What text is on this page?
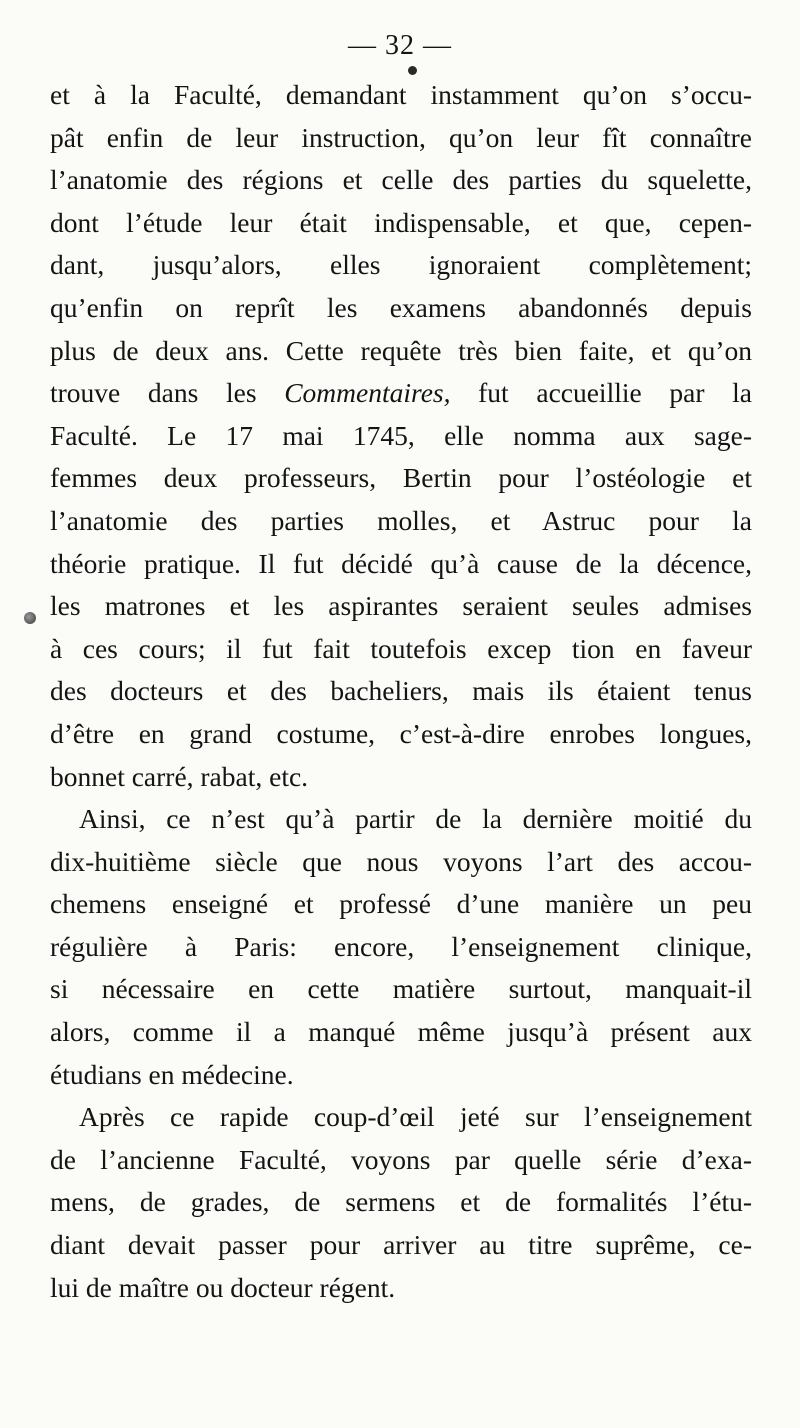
— 32 —

et à la Faculté, demandant instamment qu’on s’occu-
pât enfin de leur instruction, qu’on leur fît connaître
l’anatomie des régions et celle des parties du squelette,
dont l’étude leur était indispensable, et que, cepen-
dant, jusqu’alors, elles ignoraient complètement;
qu’enfin on reprît les examens abandonnés depuis
plus de deux ans. Cette requête très bien faite, et qu’on
trouve dans les Commentaires, fut accueillie par la
Faculté. Le 17 mai 1745, elle nomma aux sage-
femmes deux professeurs, Bertin pour l’ostéologie et
l’anatomie des parties molles, et Astruc pour la
théorie pratique. Il fut décidé qu’à cause de la décence,
les matrones et les aspirantes seraient seules admises
à ces cours; il fut fait toutefois excep tion en faveur
des docteurs et des bacheliers, mais ils étaient tenus
d’être en grand costume, c’est-à-dire enrobes longues,
bonnet carré, rabat, etc.
Ainsi, ce n’est qu’à partir de la dernière moitié du
dix-huitième siècle que nous voyons l’art des accou-
chemens enseigné et professé d’une manière un peu
régulière à Paris: encore, l’enseignement clinique,
si nécessaire en cette matière surtout, manquait-il
alors, comme il a manqué même jusqu’à présent aux
étudians en médecine.
Après ce rapide coup-d’œil jeté sur l’enseignement
de l’ancienne Faculté, voyons par quelle série d’exa-
mens, de grades, de sermens et de formalités l’étu-
diant devait passer pour arriver au titre suprême, ce-
lui de maître ou docteur régent.
